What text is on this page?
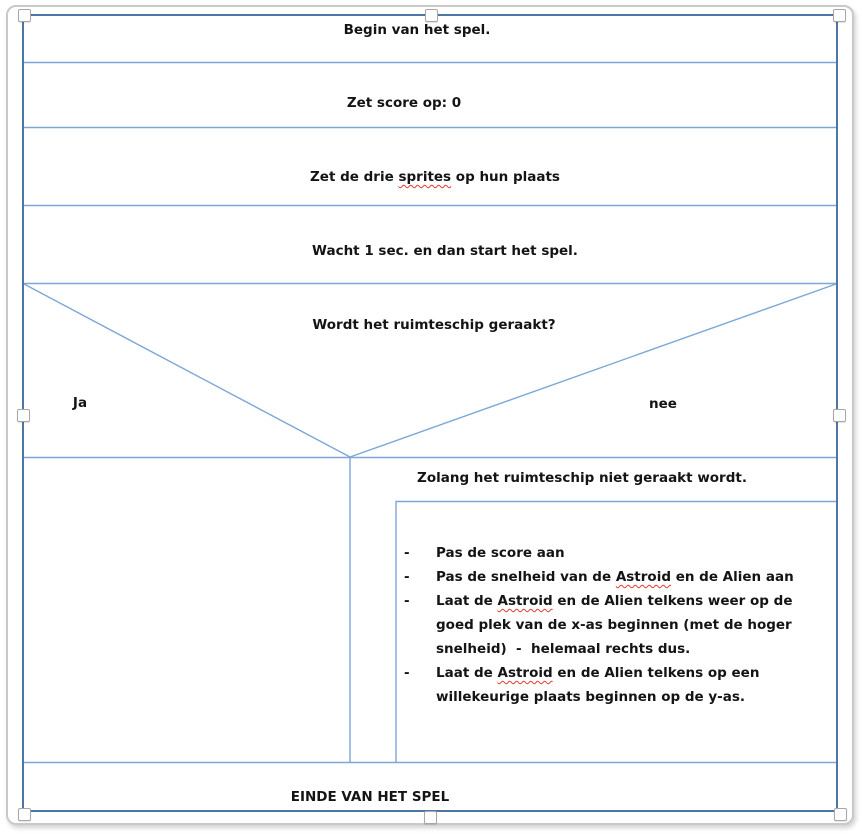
Begin van het spel.
Zet score op: 0
Zet de drie sprites op hun plaats
Wacht 1 sec. en dan start het spel.
Wordt het ruimteschip geraakt?
Ja	nee
Zolang het ruimteschip niet geraakt wordt.
EINDE VAN HET SPEL
-	Pas de score aan
-	Pas de snelheid van de Astroid en de Alien aan
-	Laat de Astroid en de Alien telkens weer op de goed plek van de x-as beginnen (met de hoger snelheid)  -  helemaal rechts dus.
-	Laat de Astroid en de Alien telkens op een willekeurige plaats beginnen op de y-as.
